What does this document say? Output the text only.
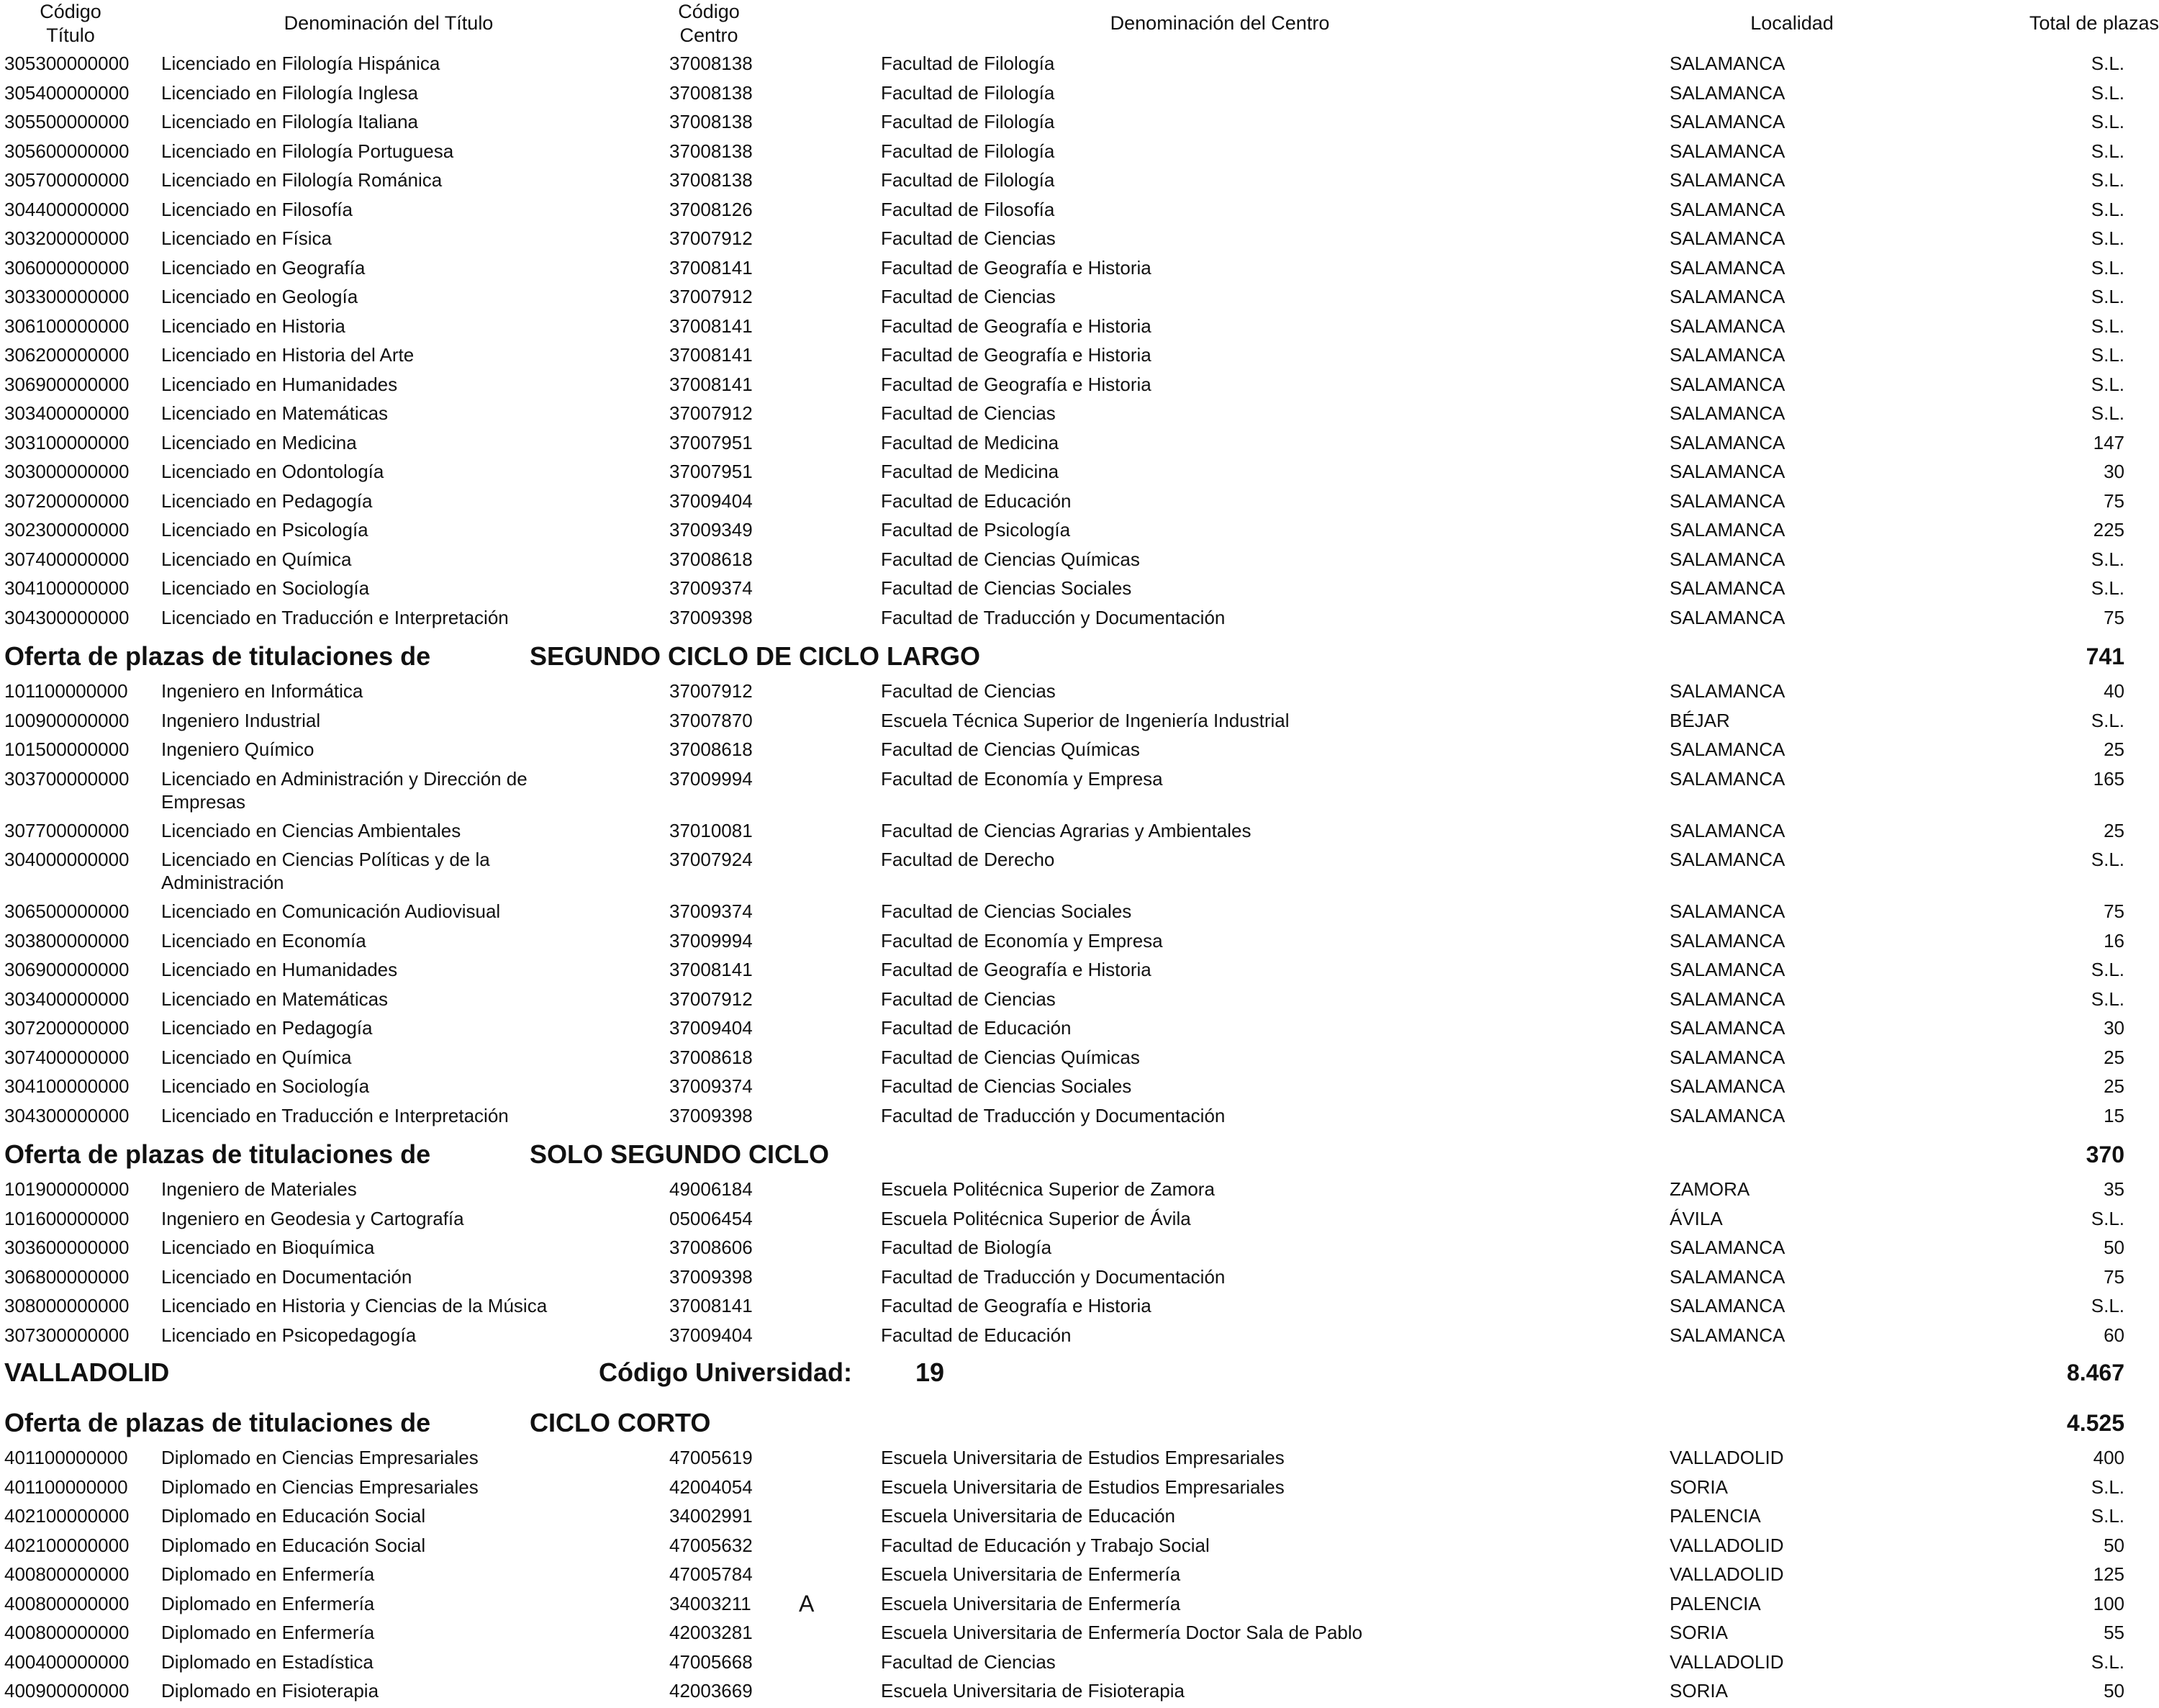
Código
Título
Denominación del Título
Código
Centro
Denominación del Centro	Localidad	Total de plazas
305300000000 Licenciado en Filología Hispánica	37008138	Facultad de Filología	SALAMANCA	S.L.
305400000000 Licenciado en Filología Inglesa	37008138	Facultad de Filología	SALAMANCA	S.L.
305500000000 Licenciado en Filología Italiana	37008138	Facultad de Filología	SALAMANCA	S.L.
305600000000 Licenciado en Filología Portuguesa	37008138	Facultad de Filología	SALAMANCA	S.L.
305700000000 Licenciado en Filología Románica	37008138	Facultad de Filología	SALAMANCA	S.L.
304400000000 Licenciado en Filosofía	37008126	Facultad de Filosofía	SALAMANCA	S.L.
303200000000 Licenciado en Física	37007912	Facultad de Ciencias	SALAMANCA	S.L.
306000000000 Licenciado en Geografía	37008141	Facultad de Geografía e Historia	SALAMANCA	S.L.
303300000000 Licenciado en Geología	37007912	Facultad de Ciencias	SALAMANCA	S.L.
306100000000 Licenciado en Historia	37008141	Facultad de Geografía e Historia	SALAMANCA	S.L.
306200000000 Licenciado en Historia del Arte	37008141	Facultad de Geografía e Historia	SALAMANCA	S.L.
306900000000 Licenciado en Humanidades	37008141	Facultad de Geografía e Historia	SALAMANCA	S.L.
303400000000 Licenciado en Matemáticas	37007912	Facultad de Ciencias	SALAMANCA	S.L.
303100000000 Licenciado en Medicina	37007951	Facultad de Medicina	SALAMANCA	147
303000000000 Licenciado en Odontología	37007951	Facultad de Medicina	SALAMANCA	30
307200000000 Licenciado en Pedagogía	37009404	Facultad de Educación	SALAMANCA	75
302300000000 Licenciado en Psicología	37009349	Facultad de Psicología	SALAMANCA	225
307400000000 Licenciado en Química	37008618	Facultad de Ciencias Químicas	SALAMANCA	S.L.
304100000000 Licenciado en Sociología	37009374	Facultad de Ciencias Sociales	SALAMANCA	S.L.
304300000000 Licenciado en Traducción e Interpretación	37009398	Facultad de Traducción y Documentación	SALAMANCA	75
Oferta de plazas de titulaciones de	SEGUNDO CICLO DE CICLO LARGO	741
101100000000 Ingeniero en Informática	37007912	Facultad de Ciencias	SALAMANCA	40
100900000000 Ingeniero Industrial	37007870	Escuela Técnica Superior de Ingeniería Industrial	BÉJAR	S.L.
101500000000 Ingeniero Químico	37008618	Facultad de Ciencias Químicas	SALAMANCA	25
303700000000 Licenciado en Administración y Dirección de Empresas
37009994	Facultad de Economía y Empresa	SALAMANCA	165
307700000000 Licenciado en Ciencias Ambientales	37010081	Facultad de Ciencias Agrarias y Ambientales	SALAMANCA	25
304000000000 Licenciado en Ciencias Políticas y de la Administración
37007924	Facultad de Derecho	SALAMANCA	S.L.
306500000000 Licenciado en Comunicación Audiovisual	37009374	Facultad de Ciencias Sociales	SALAMANCA	75
303800000000 Licenciado en Economía	37009994	Facultad de Economía y Empresa	SALAMANCA	16
306900000000 Licenciado en Humanidades	37008141	Facultad de Geografía e Historia	SALAMANCA	S.L.
303400000000 Licenciado en Matemáticas	37007912	Facultad de Ciencias	SALAMANCA	S.L.
307200000000 Licenciado en Pedagogía	37009404	Facultad de Educación	SALAMANCA	30
307400000000 Licenciado en Química	37008618	Facultad de Ciencias Químicas	SALAMANCA	25
304100000000 Licenciado en Sociología	37009374	Facultad de Ciencias Sociales	SALAMANCA	25
304300000000 Licenciado en Traducción e Interpretación	37009398	Facultad de Traducción y Documentación	SALAMANCA	15
Oferta de plazas de titulaciones de	SOLO SEGUNDO CICLO	370
101900000000 Ingeniero de Materiales	49006184	Escuela Politécnica Superior de Zamora	ZAMORA	35
101600000000 Ingeniero en Geodesia y Cartografía	05006454	Escuela Politécnica Superior de Ávila	ÁVILA	S.L.
303600000000 Licenciado en Bioquímica	37008606	Facultad de Biología	SALAMANCA	50
306800000000 Licenciado en Documentación	37009398	Facultad de Traducción y Documentación	SALAMANCA	75
308000000000 Licenciado en Historia y Ciencias de la Música	37008141	Facultad de Geografía e Historia	SALAMANCA	S.L.
307300000000 Licenciado en Psicopedagogía	37009404	Facultad de Educación	SALAMANCA	60
VALLADOLID	Código Universidad: 19	8.467
Oferta de plazas de titulaciones de	CICLO CORTO	4.525
401100000000 Diplomado en Ciencias Empresariales	47005619	Escuela Universitaria de Estudios Empresariales	VALLADOLID	400
401100000000 Diplomado en Ciencias Empresariales	42004054	Escuela Universitaria de Estudios Empresariales	SORIA	S.L.
402100000000 Diplomado en Educación Social	34002991	Escuela Universitaria de Educación	PALENCIA	S.L.
402100000000 Diplomado en Educación Social	47005632	Facultad de Educación y Trabajo Social	VALLADOLID	50
400800000000 Diplomado en Enfermería	47005784	Escuela Universitaria de Enfermería	VALLADOLID	125
400800000000 Diplomado en Enfermería	34003211	Escuela Universitaria de Enfermería	PALENCIA	100
A
400800000000 Diplomado en Enfermería	42003281	Escuela Universitaria de Enfermería Doctor Sala de Pablo	SORIA	55
400400000000 Diplomado en Estadística	47005668	Facultad de Ciencias	VALLADOLID	S.L.
400900000000 Diplomado en Fisioterapia	42003669	Escuela Universitaria de Fisioterapia	SORIA	50
